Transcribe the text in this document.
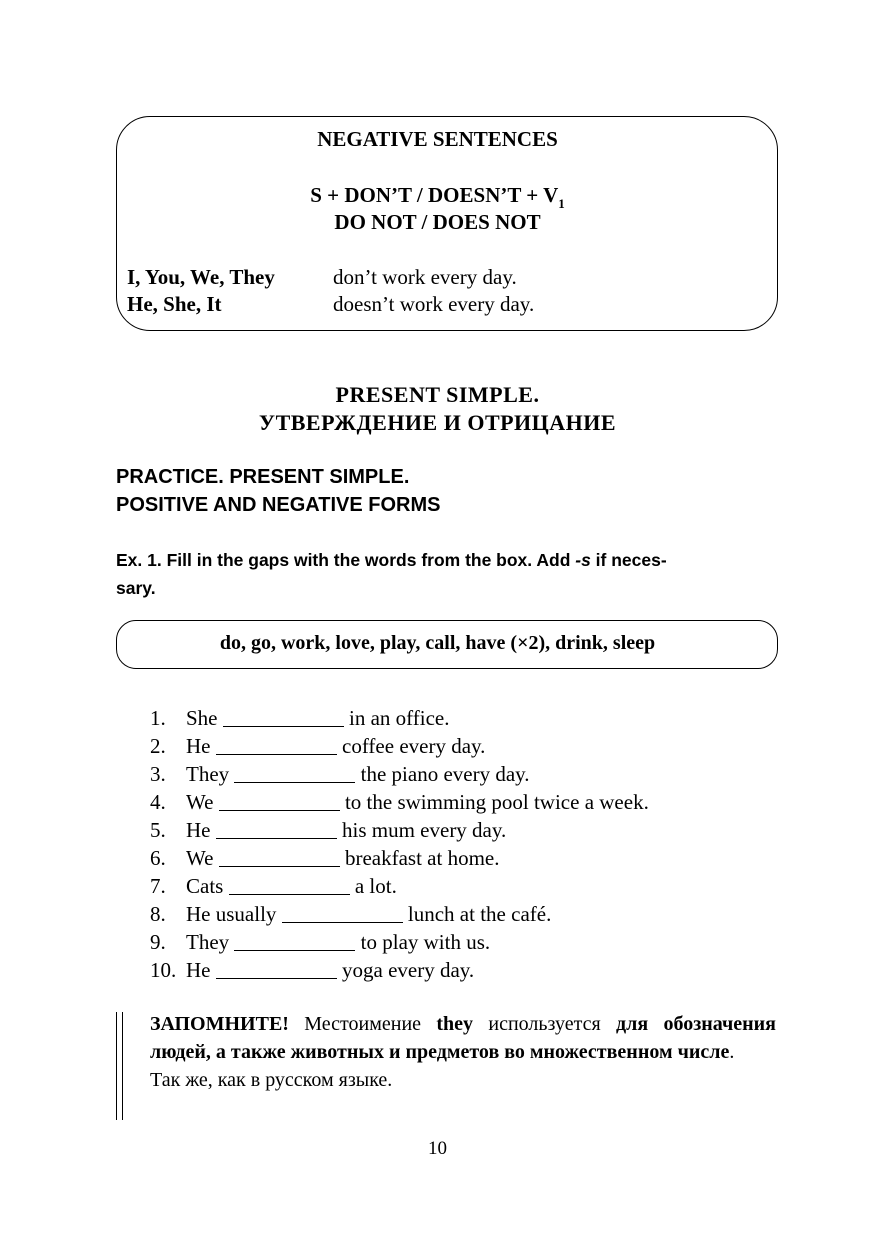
NEGATIVE SENTENCES
S + DON’T / DOESN’T + $V_1$
DO NOT / DOES NOT
I, You, We, They	don’t work every day.
He, She, It	doesn’t work every day.
PRESENT SIMPLE.
УТВЕРЖДЕНИЕ И ОТРИЦАНИЕ
PRACTICE. PRESENT SIMPLE.
POSITIVE AND NEGATIVE FORMS
Ex. 1. Fill in the gaps with the words from the box. Add -s if neces-
sary.
do, go, work, love, play, call, have (×2), drink, sleep
1. She	in an office.
2. He	coffee every day.
3. They	the piano every day.
4. We	to the swimming pool twice a week.
5. He	his mum every day.
6. We	breakfast at home.
7. Cats	a lot.
8. He usually	lunch at the café.
9. They	to play with us.
10. He	yoga every day.
ЗАПОМНИТЕ! Местоимение they используется для обозначения людей, а также животных и предметов во множественном числе.
Так же, как в русском языке.
10
